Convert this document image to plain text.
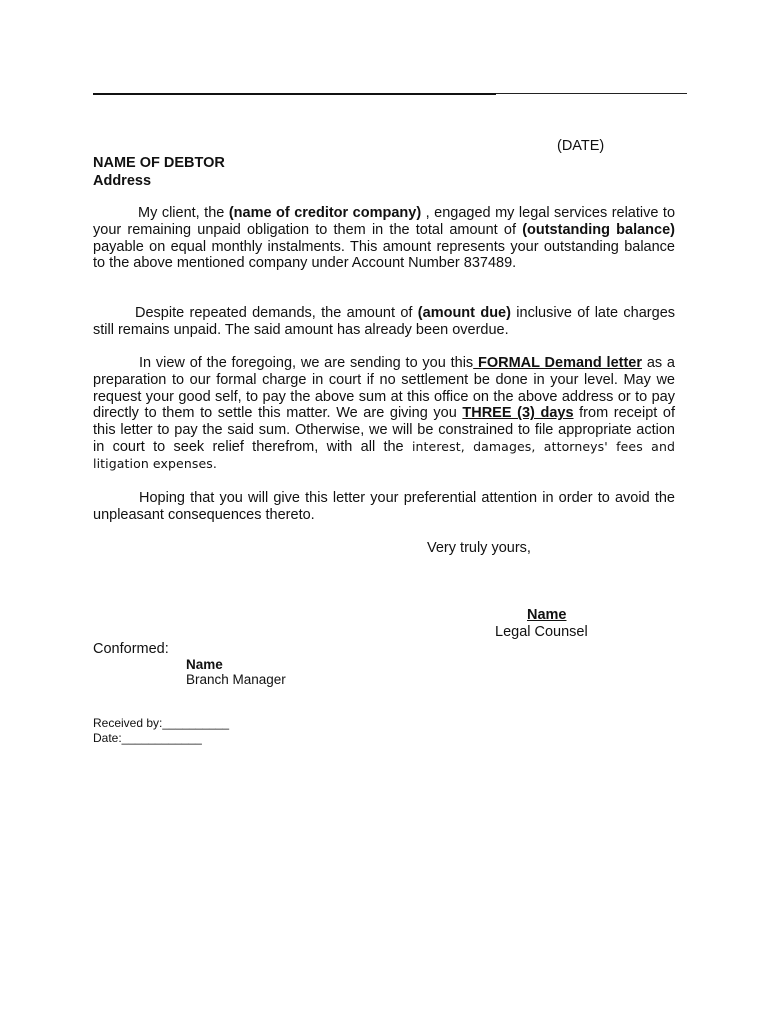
(DATE)
NAME OF DEBTOR
Address

My client, the (name of creditor company) , engaged my legal services relative to your remaining unpaid obligation to them in the total amount of (outstanding balance) payable on equal monthly instalments. This amount represents your outstanding balance to the above mentioned company under Account Number 837489.

Despite repeated demands, the amount of (amount due) inclusive of late charges still remains unpaid. The said amount has already been overdue.

In view of the foregoing, we are sending to you this FORMAL Demand letter as a preparation to our formal charge in court if no settlement be done in your level. May we request your good self, to pay the above sum at this office on the above address or to pay directly to them to settle this matter. We are giving you THREE (3) days from receipt of this letter to pay the said sum. Otherwise, we will be constrained to file appropriate action in court to seek relief therefrom, with all the interest, damages, attorneys' fees and litigation expenses.

Hoping that you will give this letter your preferential attention in order to avoid the unpleasant consequences thereto.

Very truly yours,
Name
Legal Counsel
Conformed:
Name
Branch Manager
Received by:__________
Date:____________
